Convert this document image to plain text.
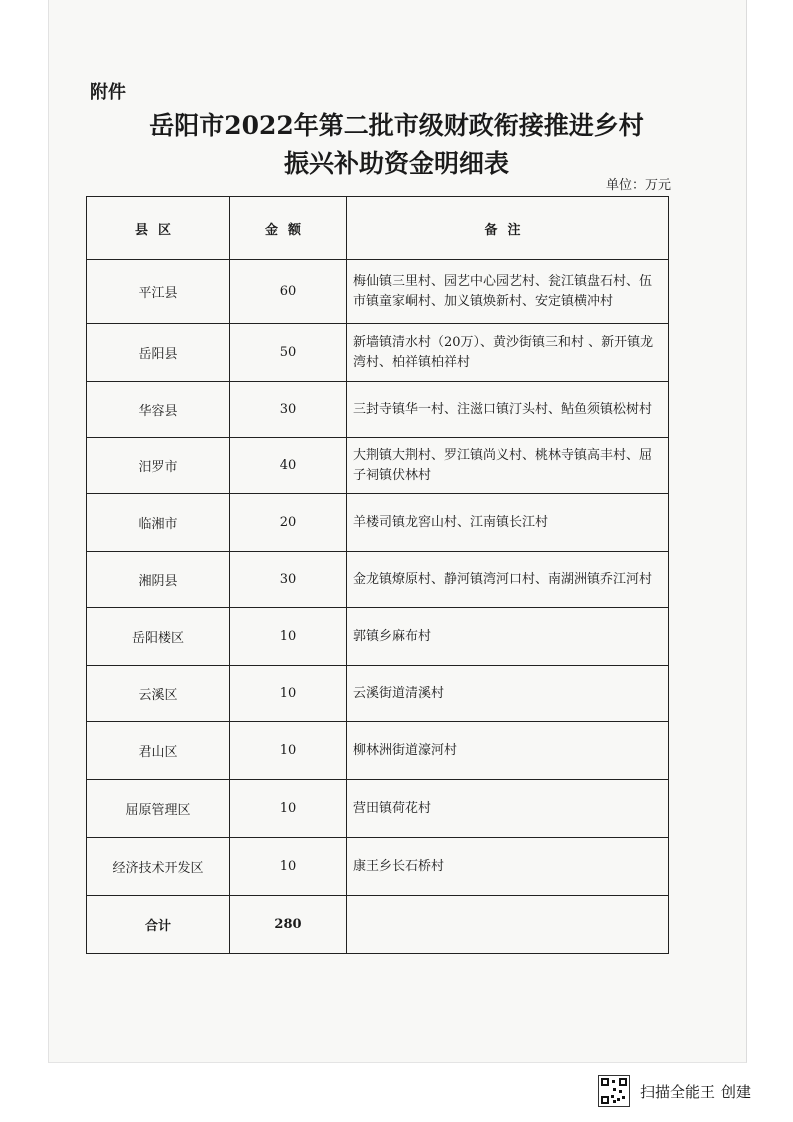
附件
岳阳市2022年第二批市级财政衔接推进乡村
振兴补助资金明细表
单位：万元
县区	金额	备注
平江县	60	梅仙镇三里村、园艺中心园艺村、瓮江镇盘石村、伍市镇童家峒村、加义镇焕新村、安定镇横冲村
岳阳县	50	新墙镇清水村（20万）、黄沙街镇三和村 、新开镇龙湾村、柏祥镇柏祥村
华容县	30	三封寺镇华一村、注滋口镇汀头村、鲇鱼须镇松树村
汨罗市	40	大荆镇大荆村、罗江镇尚义村、桃林寺镇高丰村、屈子祠镇伏林村
临湘市	20	羊楼司镇龙窖山村、江南镇长江村
湘阴县	30	金龙镇燎原村、静河镇湾河口村、南湖洲镇乔江河村
岳阳楼区	10	郭镇乡麻布村
云溪区	10	云溪街道清溪村
君山区	10	柳林洲街道濠河村
屈原管理区	10	营田镇荷花村
经济技术开发区	10	康王乡长石桥村
合计	280	
扫描全能王 创建
